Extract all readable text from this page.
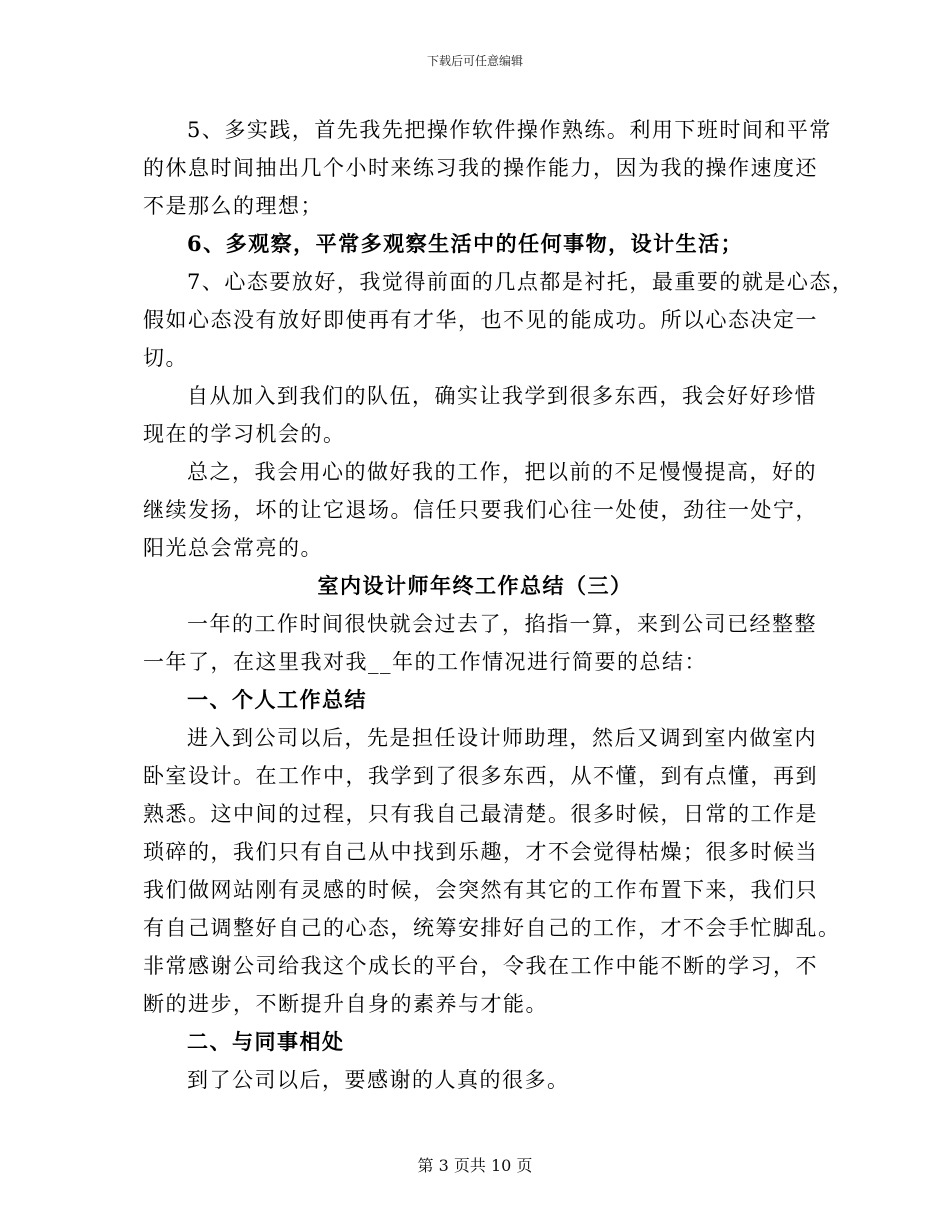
下载后可任意编辑
5、多实践，首先我先把操作软件操作熟练。利用下班时间和平常
的休息时间抽出几个小时来练习我的操作能力，因为我的操作速度还
不是那么的理想；
6、多观察，平常多观察生活中的任何事物，设计生活；
7、心态要放好，我觉得前面的几点都是衬托，最重要的就是心态，
假如心态没有放好即使再有才华，也不见的能成功。所以心态决定一
切。
自从加入到我们的队伍，确实让我学到很多东西，我会好好珍惜
现在的学习机会的。
总之，我会用心的做好我的工作，把以前的不足慢慢提高，好的
继续发扬，坏的让它退场。信任只要我们心往一处使，劲往一处宁，
阳光总会常亮的。
室内设计师年终工作总结（三）
一年的工作时间很快就会过去了，掐指一算，来到公司已经整整
一年了，在这里我对我__年的工作情况进行简要的总结：
一、个人工作总结
进入到公司以后，先是担任设计师助理，然后又调到室内做室内
卧室设计。在工作中，我学到了很多东西，从不懂，到有点懂，再到
熟悉。这中间的过程，只有我自己最清楚。很多时候，日常的工作是
琐碎的，我们只有自己从中找到乐趣，才不会觉得枯燥；很多时候当
我们做网站刚有灵感的时候，会突然有其它的工作布置下来，我们只
有自己调整好自己的心态，统筹安排好自己的工作，才不会手忙脚乱。
非常感谢公司给我这个成长的平台，令我在工作中能不断的学习，不
断的进步，不断提升自身的素养与才能。
二、与同事相处
到了公司以后，要感谢的人真的很多。
第 3 页共 10 页
